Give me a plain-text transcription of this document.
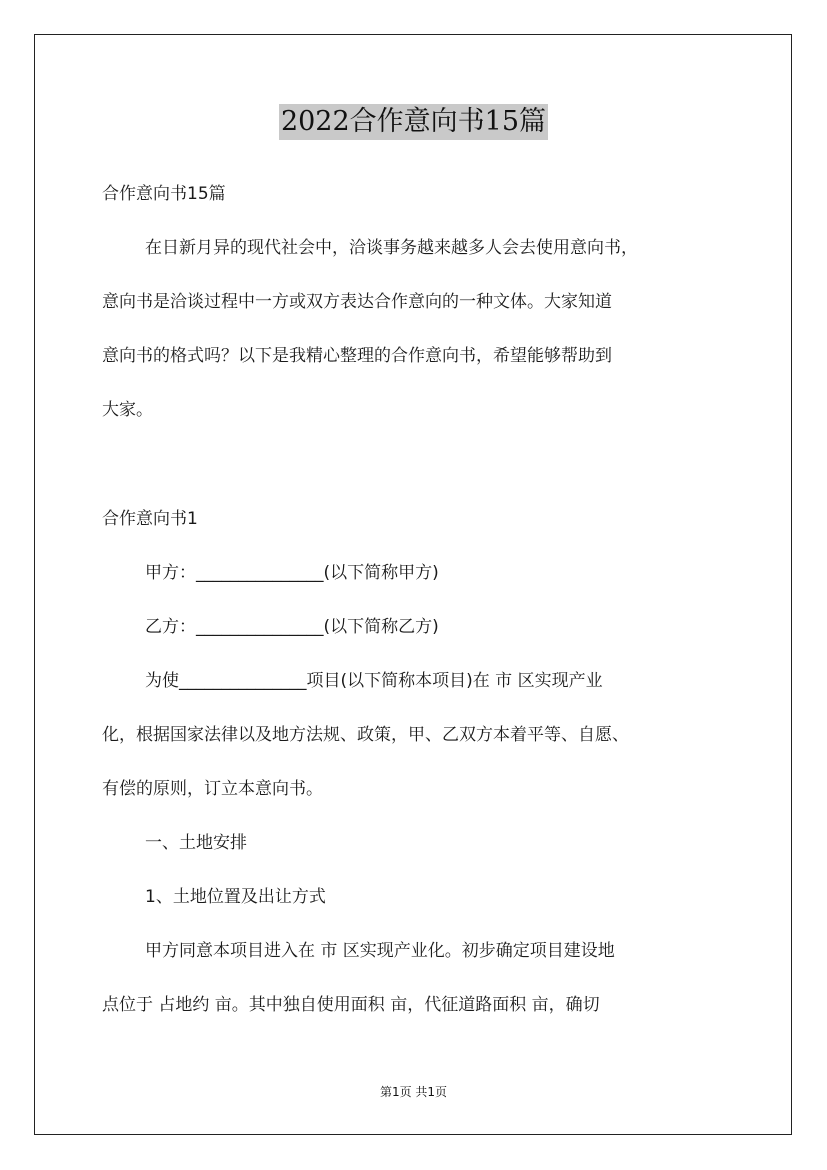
2022合作意向书15篇
合作意向书15篇
在日新月异的现代社会中，洽谈事务越来越多人会去使用意向书，
意向书是洽谈过程中一方或双方表达合作意向的一种文体。大家知道
意向书的格式吗？以下是我精心整理的合作意向书，希望能够帮助到
大家。
合作意向书1
甲方：_______________(以下简称甲方)
乙方：_______________(以下简称乙方)
为使_______________项目(以下简称本项目)在 市 区实现产业
化，根据国家法律以及地方法规、政策，甲、乙双方本着平等、自愿、
有偿的原则，订立本意向书。
一、土地安排
1、土地位置及出让方式
甲方同意本项目进入在 市 区实现产业化。初步确定项目建设地
点位于 占地约 亩。其中独自使用面积 亩，代征道路面积 亩，确切
第1页 共1页
